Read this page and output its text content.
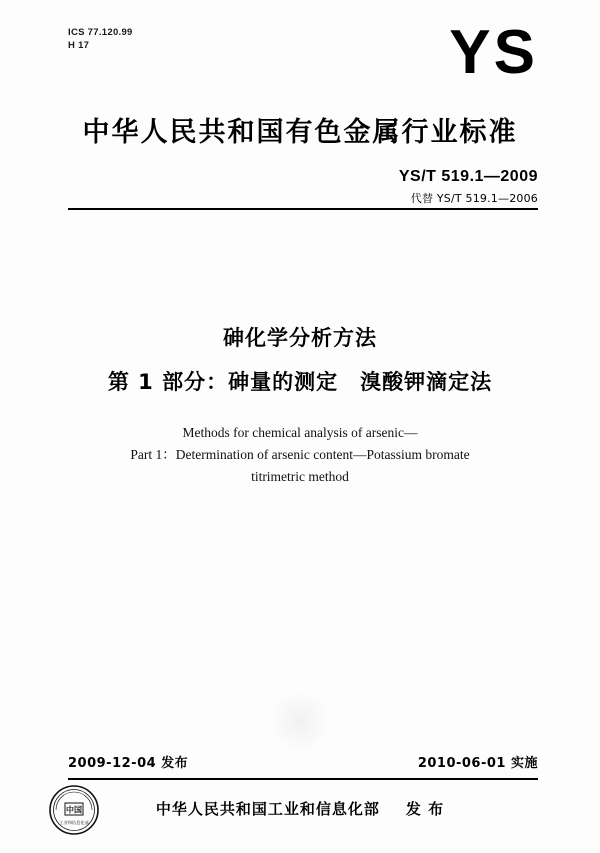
ICS 77.120.99
H 17	YS
中华人民共和国有色金属行业标准
YS/T 519.1—2009
代替 YS/T 519.1—2006
砷化学分析方法
第 1 部分：砷量的测定　溴酸钾滴定法
Methods for chemical analysis of arsenic—
Part 1：Determination of arsenic content—Potassium bromate
titrimetric method
2009-12-04 发布	2010-06-01 实施
中国
工业和信息化部
中华人民共和国工业和信息化部 发 布
